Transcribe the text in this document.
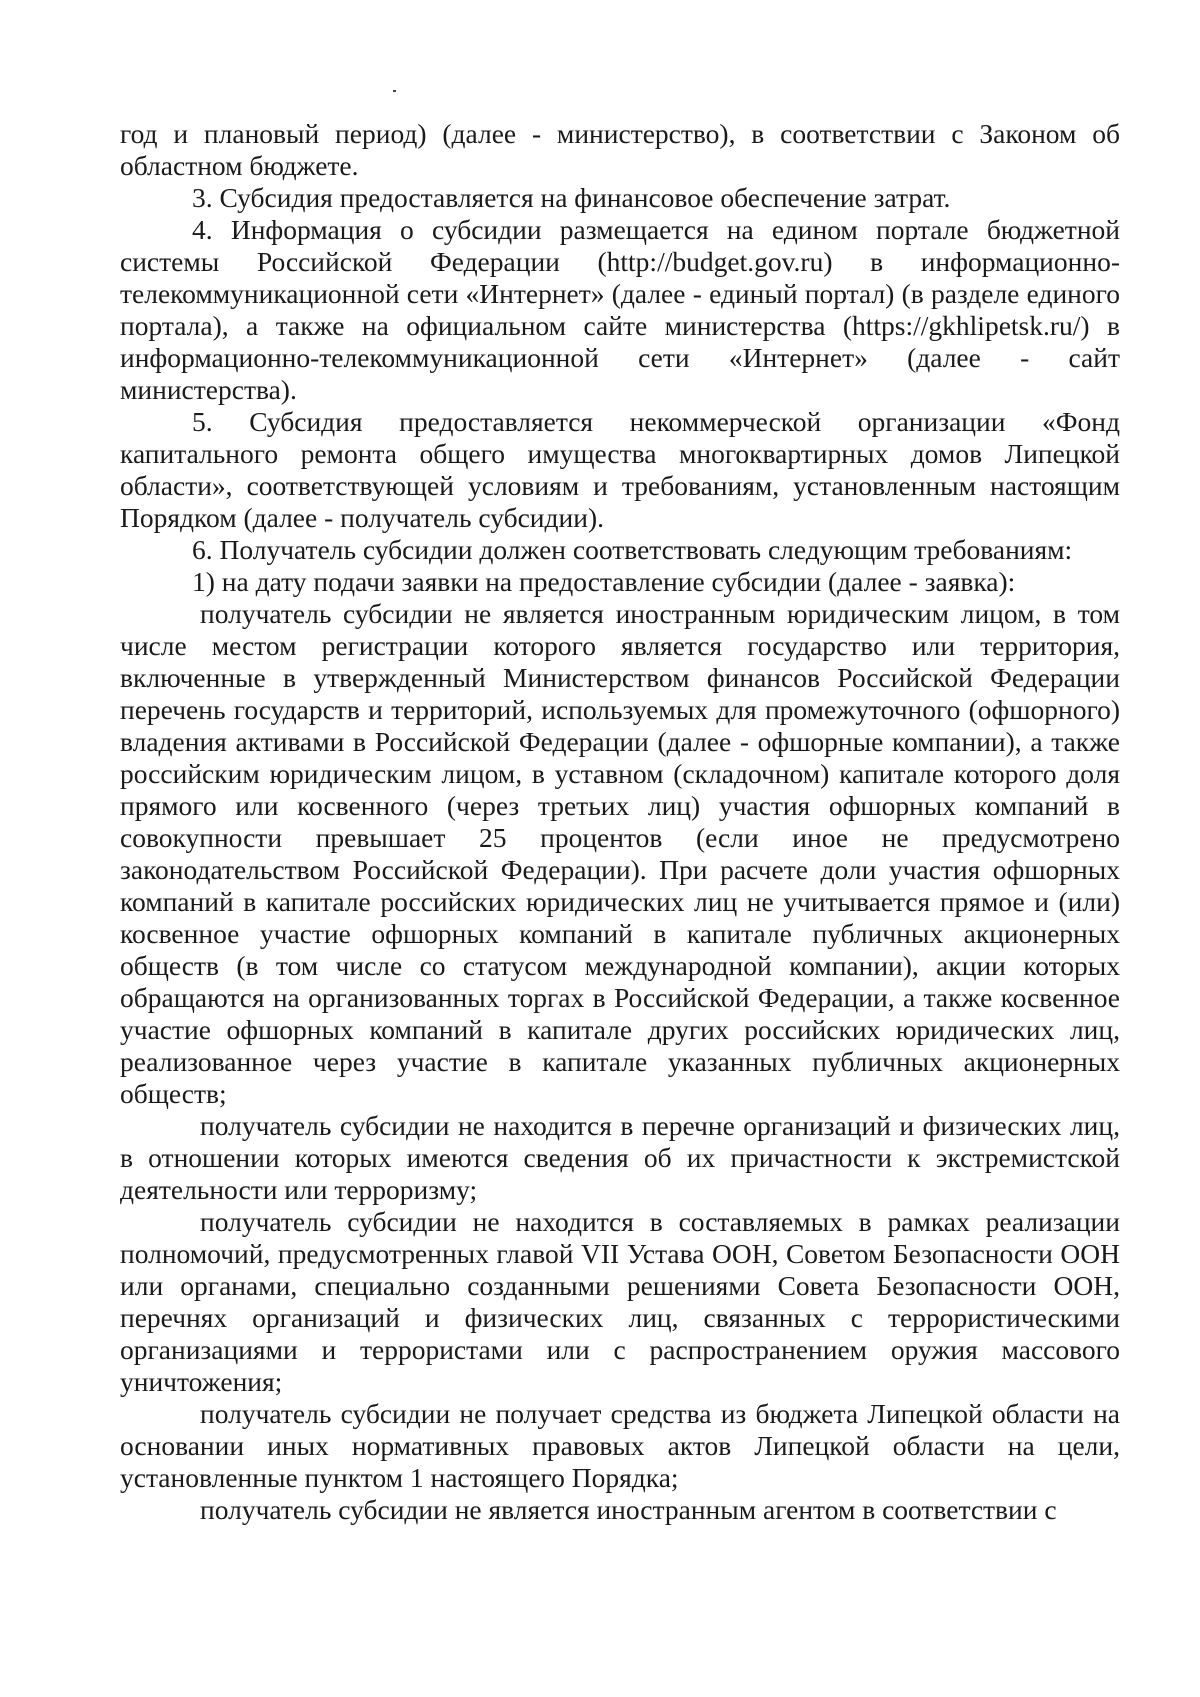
год и плановый период) (далее - министерство), в соответствии с Законом об областном бюджете.

3. Субсидия предоставляется на финансовое обеспечение затрат.

4. Информация о субсидии размещается на едином портале бюджетной системы Российской Федерации (http://budget.gov.ru) в информационно-телекоммуникационной сети «Интернет» (далее - единый портал) (в разделе единого портала), а также на официальном сайте министерства (https://gkhlipetsk.ru/) в информационно-телекоммуникационной сети «Интернет» (далее - сайт министерства).

5. Субсидия предоставляется некоммерческой организации «Фонд капитального ремонта общего имущества многоквартирных домов Липецкой области», соответствующей условиям и требованиям, установленным настоящим Порядком (далее - получатель субсидии).

6. Получатель субсидии должен соответствовать следующим требованиям:

1) на дату подачи заявки на предоставление субсидии (далее - заявка):

получатель субсидии не является иностранным юридическим лицом, в том числе местом регистрации которого является государство или территория, включенные в утвержденный Министерством финансов Российской Федерации перечень государств и территорий, используемых для промежуточного (офшорного) владения активами в Российской Федерации (далее - офшорные компании), а также российским юридическим лицом, в уставном (складочном) капитале которого доля прямого или косвенного (через третьих лиц) участия офшорных компаний в совокупности превышает 25 процентов (если иное не предусмотрено законодательством Российской Федерации). При расчете доли участия офшорных компаний в капитале российских юридических лиц не учитывается прямое и (или) косвенное участие офшорных компаний в капитале публичных акционерных обществ (в том числе со статусом международной компании), акции которых обращаются на организованных торгах в Российской Федерации, а также косвенное участие офшорных компаний в капитале других российских юридических лиц, реализованное через участие в капитале указанных публичных акционерных обществ;

получатель субсидии не находится в перечне организаций и физических лиц, в отношении которых имеются сведения об их причастности к экстремистской деятельности или терроризму;

получатель субсидии не находится в составляемых в рамках реализации полномочий, предусмотренных главой VII Устава ООН, Советом Безопасности ООН или органами, специально созданными решениями Совета Безопасности ООН, перечнях организаций и физических лиц, связанных с террористическими организациями и террористами или с распространением оружия массового уничтожения;

получатель субсидии не получает средства из бюджета Липецкой области на основании иных нормативных правовых актов Липецкой области на цели, установленные пунктом 1 настоящего Порядка;

получатель субсидии не является иностранным агентом в соответствии с
